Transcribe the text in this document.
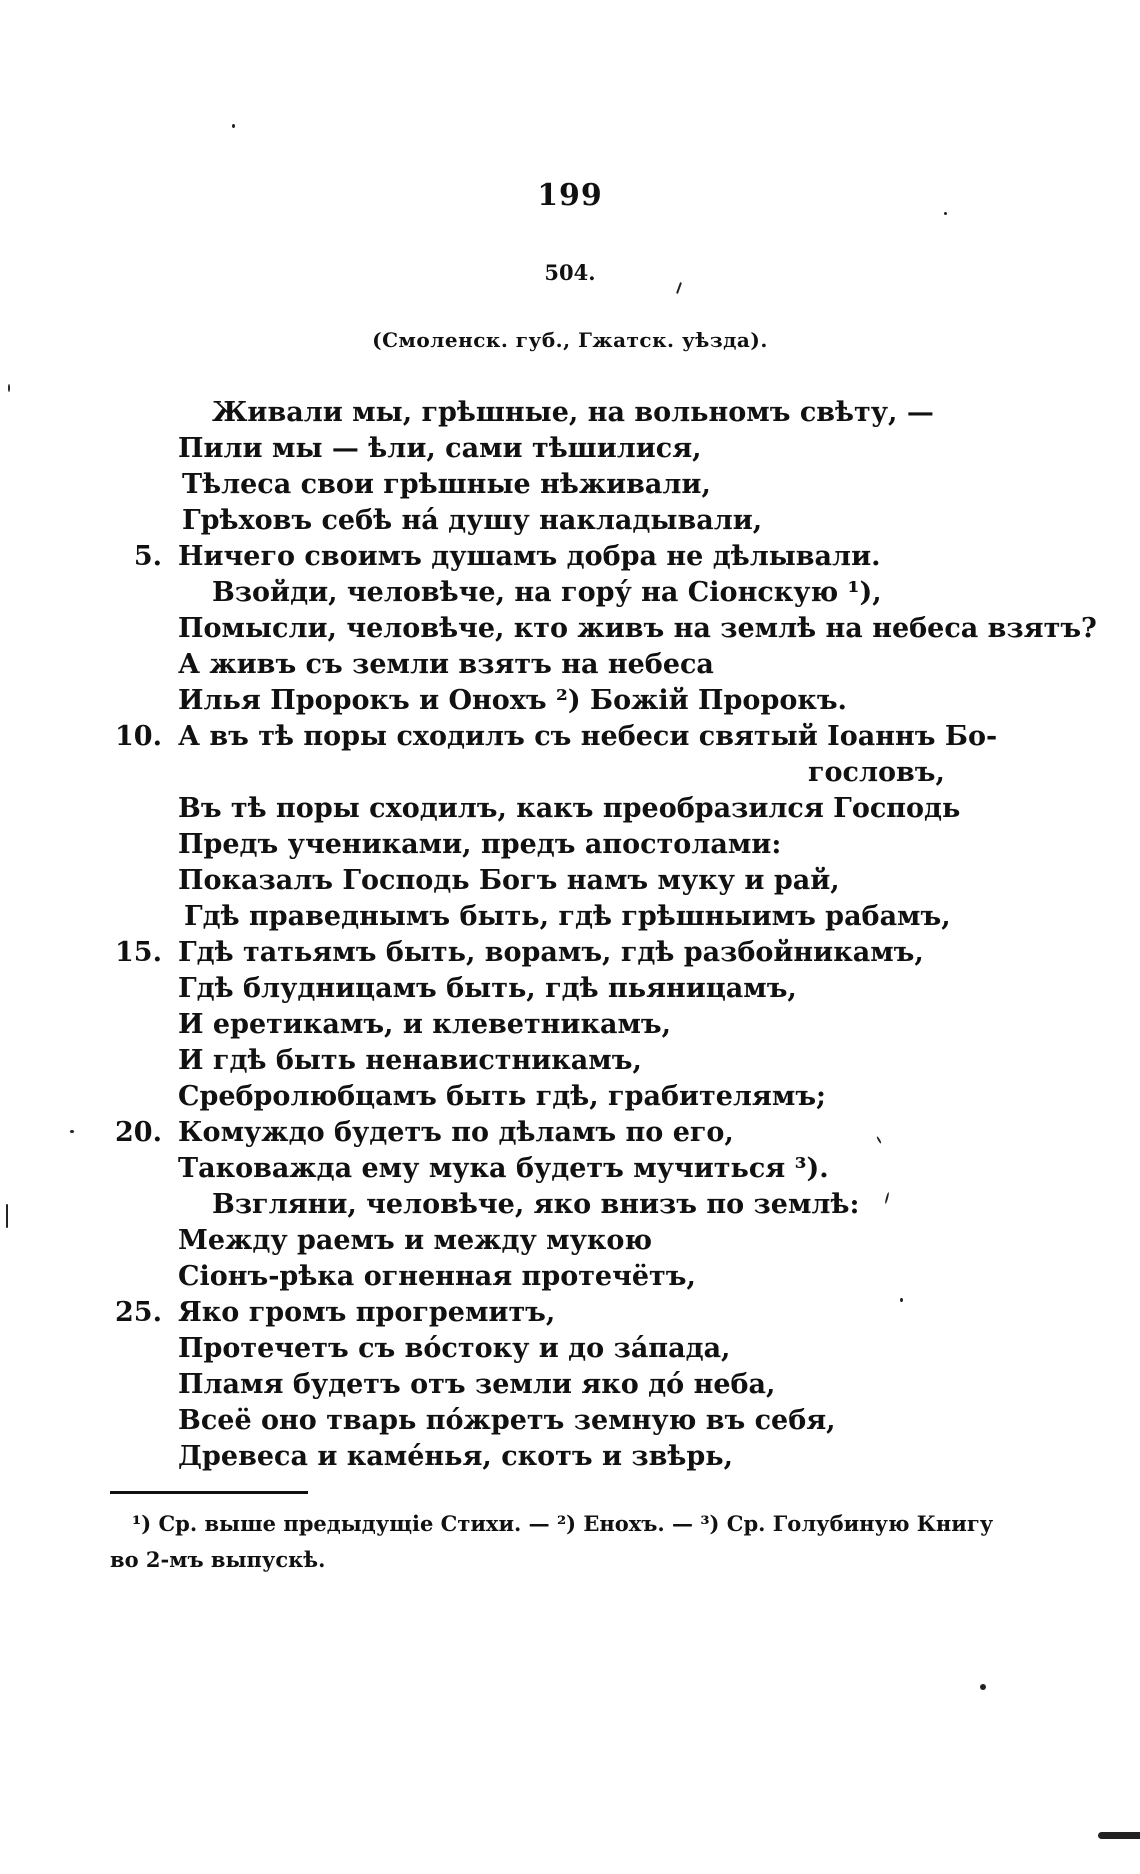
199
504.
(Смоленск. губ., Гжатск. уѣзда).
Живали мы, грѣшные, на вольномъ свѣту, —
Пили мы — ѣли, сами тѣшилися,
Тѣлеса свои грѣшные нѣживали,
Грѣховъ себѣ на́ душу накладывали,
5. Ничего своимъ душамъ добра не дѣлывали.
Взойди, человѣче, на гору́ на Сіонскую ¹),
Помысли, человѣче, кто живъ на землѣ на небеса взятъ?
А живъ съ земли взятъ на небеса
Илья Пророкъ и Онохъ ²) Божій Пророкъ.
10. А въ тѣ поры сходилъ съ небеси святый Іоаннъ Бо-
гословъ,
Въ тѣ поры сходилъ, какъ преобразился Господь
Предъ учениками, предъ апостолами:
Показалъ Господь Богъ намъ муку и рай,
Гдѣ праведнымъ быть, гдѣ грѣшныимъ рабамъ,
15. Гдѣ татьямъ быть, ворамъ, гдѣ разбойникамъ,
Гдѣ блудницамъ быть, гдѣ пьяницамъ,
И еретикамъ, и клеветникамъ,
И гдѣ быть ненавистникамъ,
Сребролюбцамъ быть гдѣ, грабителямъ;
20. Комуждо будетъ по дѣламъ по его,
Таковажда ему мука будетъ мучиться ³).
Взгляни, человѣче, яко внизъ по землѣ:
Между раемъ и между мукою
Сіонъ-рѣка огненная протечётъ,
25. Яко громъ прогремитъ,
Протечетъ съ во́стоку и до за́пада,
Пламя будетъ отъ земли яко до́ неба,
Всеё оно тварь по́жретъ земную въ себя,
Древеса и каме́нья, скотъ и звѣрь,
¹) Ср. выше предыдущіе Стихи. — ²) Енохъ. — ³) Ср. Голубиную Книгу
во 2-мъ выпускѣ.
